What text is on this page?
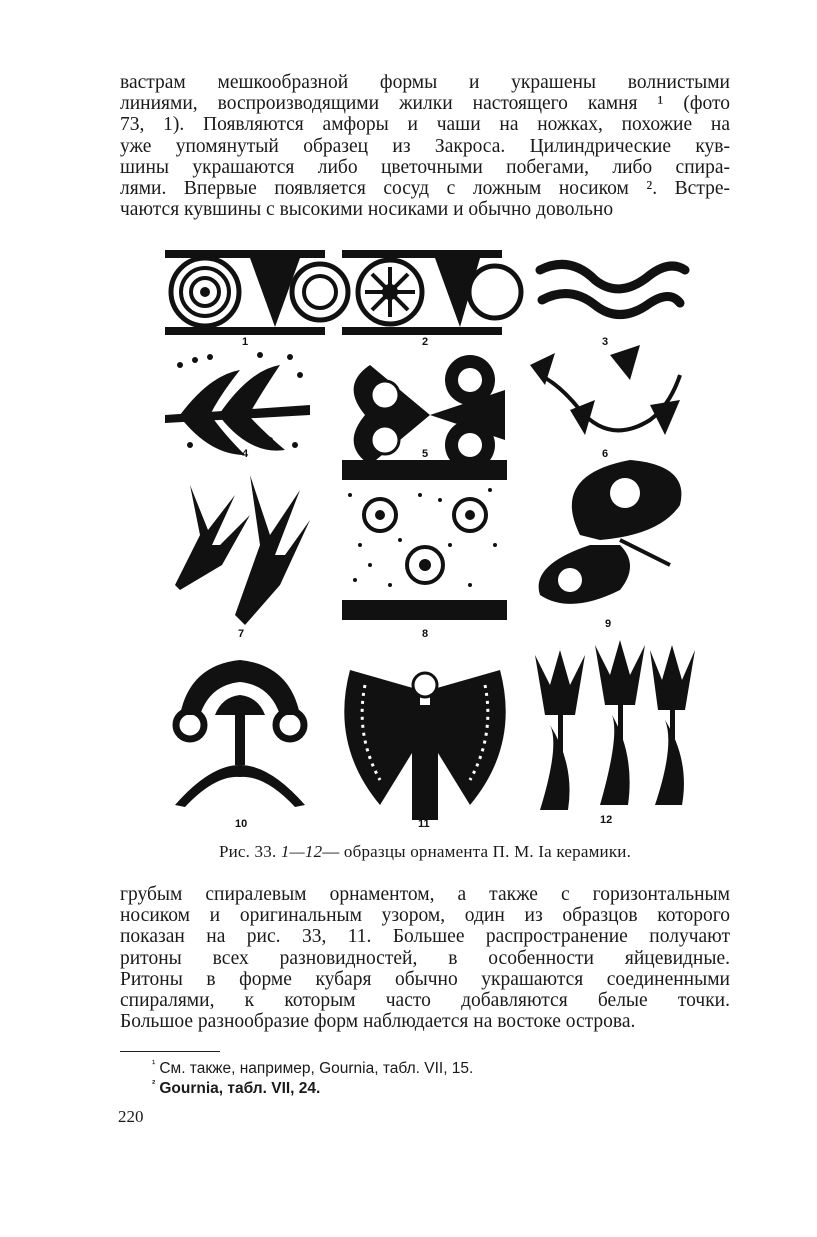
вастрам мешкообразной формы и украшены волнистыми
линиями, воспроизводящими жилки настоящего камня ¹ (фото
73, 1). Появляются амфоры и чаши на ножках, похожие на
уже упомянутый образец из Закроса. Цилиндрические кув-
шины украшаются либо цветочными побегами, либо спира-
лями. Впервые появляется сосуд с ложным носиком ². Встре-
чаются кувшины с высокими носиками и обычно довольно
1	2	3
4	5	6
7	8
9
10	11	12
Рис. 33. 1—12— образцы орнамента П. М. Iа керамики.
грубым спиралевым орнаментом, а также с горизонтальным
носиком и оригинальным узором, один из образцов которого
показан на рис. 33, 11. Большее распространение получают
ритоны всех разновидностей, в особенности яйцевидные.
Ритоны в форме кубаря обычно украшаются соединенными
спиралями, к которым часто добавляются белые точки.
Большое разнообразие форм наблюдается на востоке острова.
$^{^1}$ См. также, например, Gournia, табл. VII, 15.
$^{^2}$ Gournia, табл. VII, 24.
220
